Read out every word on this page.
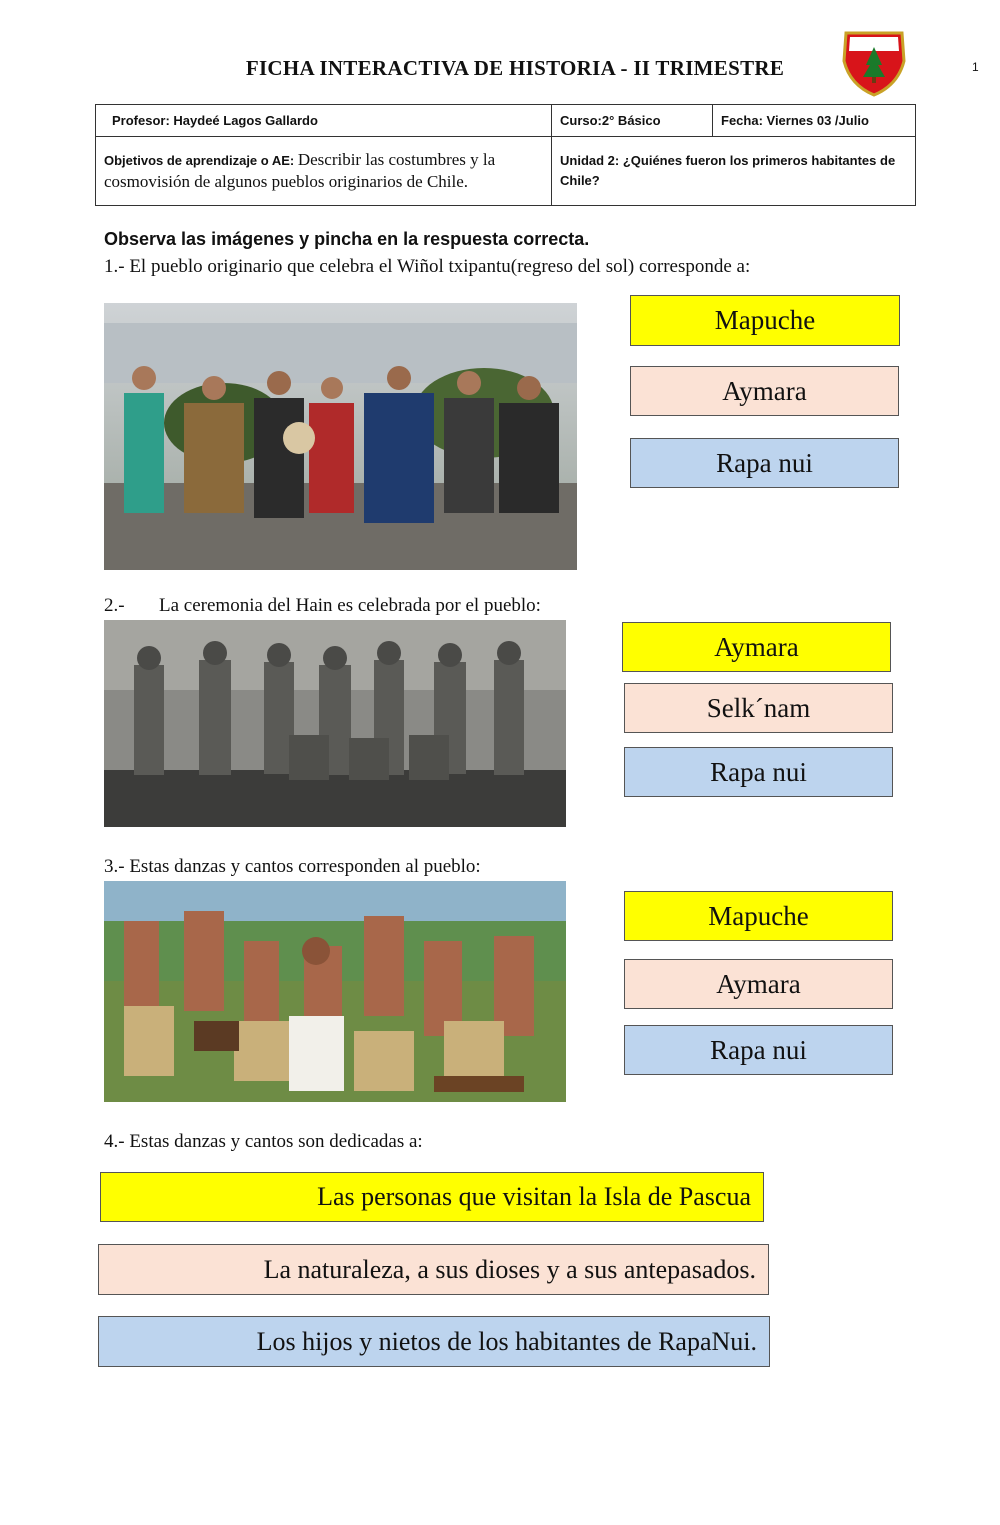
FICHA INTERACTIVA DE HISTORIA - II TRIMESTRE	1
Profesor: Haydeé Lagos Gallardo	Curso:2° Básico	Fecha: Viernes 03 /Julio
Objetivos de aprendizaje o AE: Describir las costumbres y la cosmovisión de algunos pueblos originarios de Chile.	Unidad 2: ¿Quiénes fueron los primeros habitantes de Chile?	
Observa las imágenes y pincha en la respuesta correcta.
1.- El pueblo originario que celebra el Wiñol txipantu(regreso del sol) corresponde a:
Mapuche
Aymara
Rapa nui
2.- La ceremonia del Hain es celebrada por el pueblo:
Aymara
Selk´nam
Rapa nui
3.- Estas danzas y cantos corresponden al pueblo:
Mapuche
Aymara
Rapa nui
4.- Estas danzas y cantos son dedicadas a:
Las personas que visitan la Isla de Pascua
La naturaleza, a sus dioses y a sus antepasados.
Los hijos y nietos de los habitantes de RapaNui.
